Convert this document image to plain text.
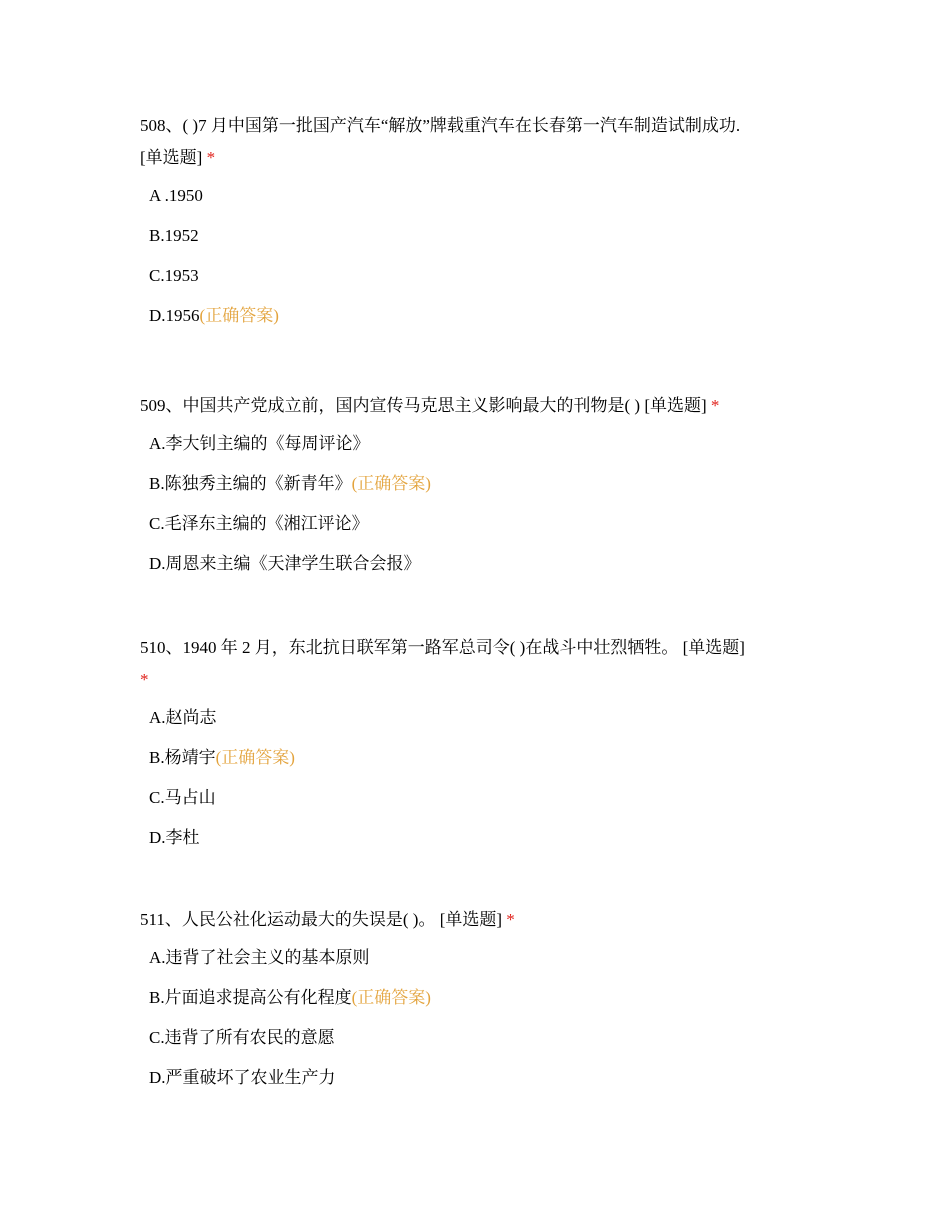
508、( )7 月中国第一批国产汽车“解放”牌载重汽车在长春第一汽车制造试制成功.
[单选题] *

A .1950
B.1952
C.1953
D.1956(正确答案)

509、中国共产党成立前，国内宣传马克思主义影响最大的刊物是( ) [单选题] *

A.李大钊主编的《每周评论》
B.陈独秀主编的《新青年》(正确答案)
C.毛泽东主编的《湘江评论》
D.周恩来主编《天津学生联合会报》

510、1940 年 2 月，东北抗日联军第一路军总司令( )在战斗中壮烈牺牲。 [单选题]
*

A.赵尚志
B.杨靖宇(正确答案)
C.马占山
D.李杜

511、人民公社化运动最大的失误是( )。 [单选题] *

A.违背了社会主义的基本原则
B.片面追求提高公有化程度(正确答案)
C.违背了所有农民的意愿
D.严重破坏了农业生产力
